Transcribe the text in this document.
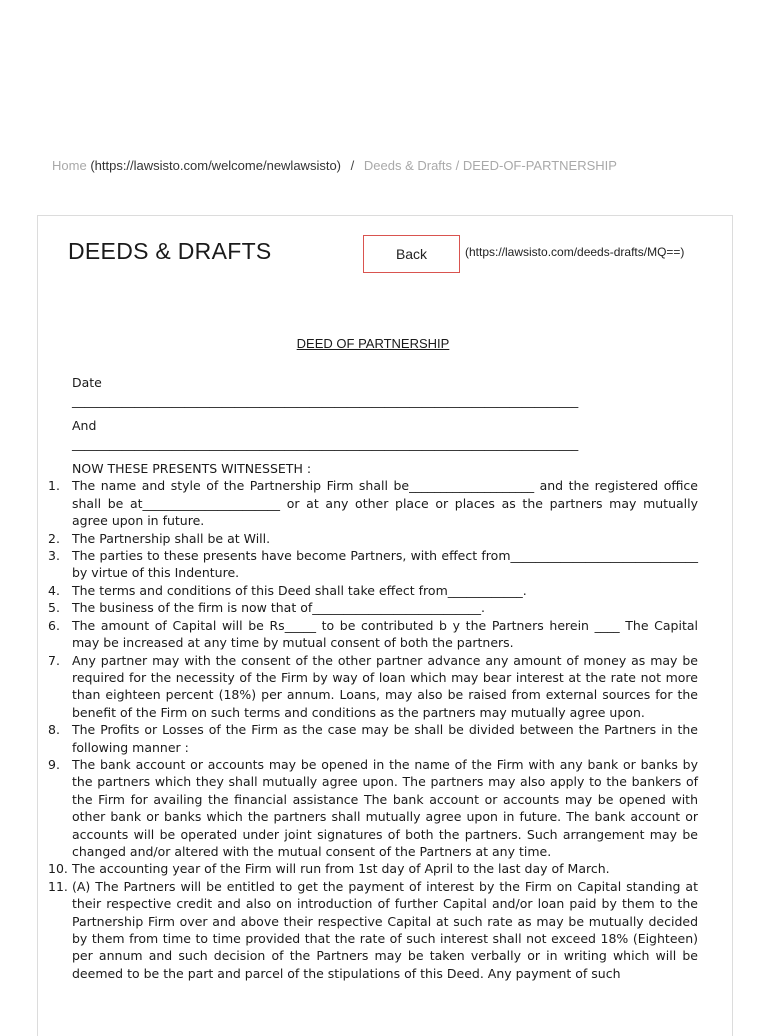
Home (https://lawsisto.com/welcome/newlawsisto) / Deeds & Drafts / DEED-OF-PARTNERSHIP
DEEDS & DRAFTS	Back	(https://lawsisto.com/deeds-drafts/MQ==)
DEED OF PARTNERSHIP
Date
_________________________________________________________________________________
And
_________________________________________________________________________________
NOW THESE PRESENTS WITNESSETH :
1. The name and style of the Partnership Firm shall be____________________ and the registered office shall be at______________________ or at any other place or places as the partners may mutually agree upon in future.
2. The Partnership shall be at Will.
3. The parties to these presents have become Partners, with effect from______________________________ by virtue of this Indenture.
4. The terms and conditions of this Deed shall take effect from____________.
5. The business of the firm is now that of___________________________.
6. The amount of Capital will be Rs_____ to be contributed b y the Partners herein ____ The Capital may be increased at any time by mutual consent of both the partners.
7. Any partner may with the consent of the other partner advance any amount of money as may be required for the necessity of the Firm by way of loan which may bear interest at the rate not more than eighteen percent (18%) per annum. Loans, may also be raised from external sources for the benefit of the Firm on such terms and conditions as the partners may mutually agree upon.
8. The Profits or Losses of the Firm as the case may be shall be divided between the Partners in the following manner :
9. The bank account or accounts may be opened in the name of the Firm with any bank or banks by the partners which they shall mutually agree upon. The partners may also apply to the bankers of the Firm for availing the financial assistance The bank account or accounts may be opened with other bank or banks which the partners shall mutually agree upon in future. The bank account or accounts will be operated under joint signatures of both the partners. Such arrangement may be changed and/or altered with the mutual consent of the Partners at any time.
10. The accounting year of the Firm will run from 1st day of April to the last day of March.
11. (A) The Partners will be entitled to get the payment of interest by the Firm on Capital standing at their respective credit and also on introduction of further Capital and/or loan paid by them to the Partnership Firm over and above their respective Capital at such rate as may be mutually decided by them from time to time provided that the rate of such interest shall not exceed 18% (Eighteen) per annum and such decision of the Partners may be taken verbally or in writing which will be deemed to be the part and parcel of the stipulations of this Deed. Any payment of such
